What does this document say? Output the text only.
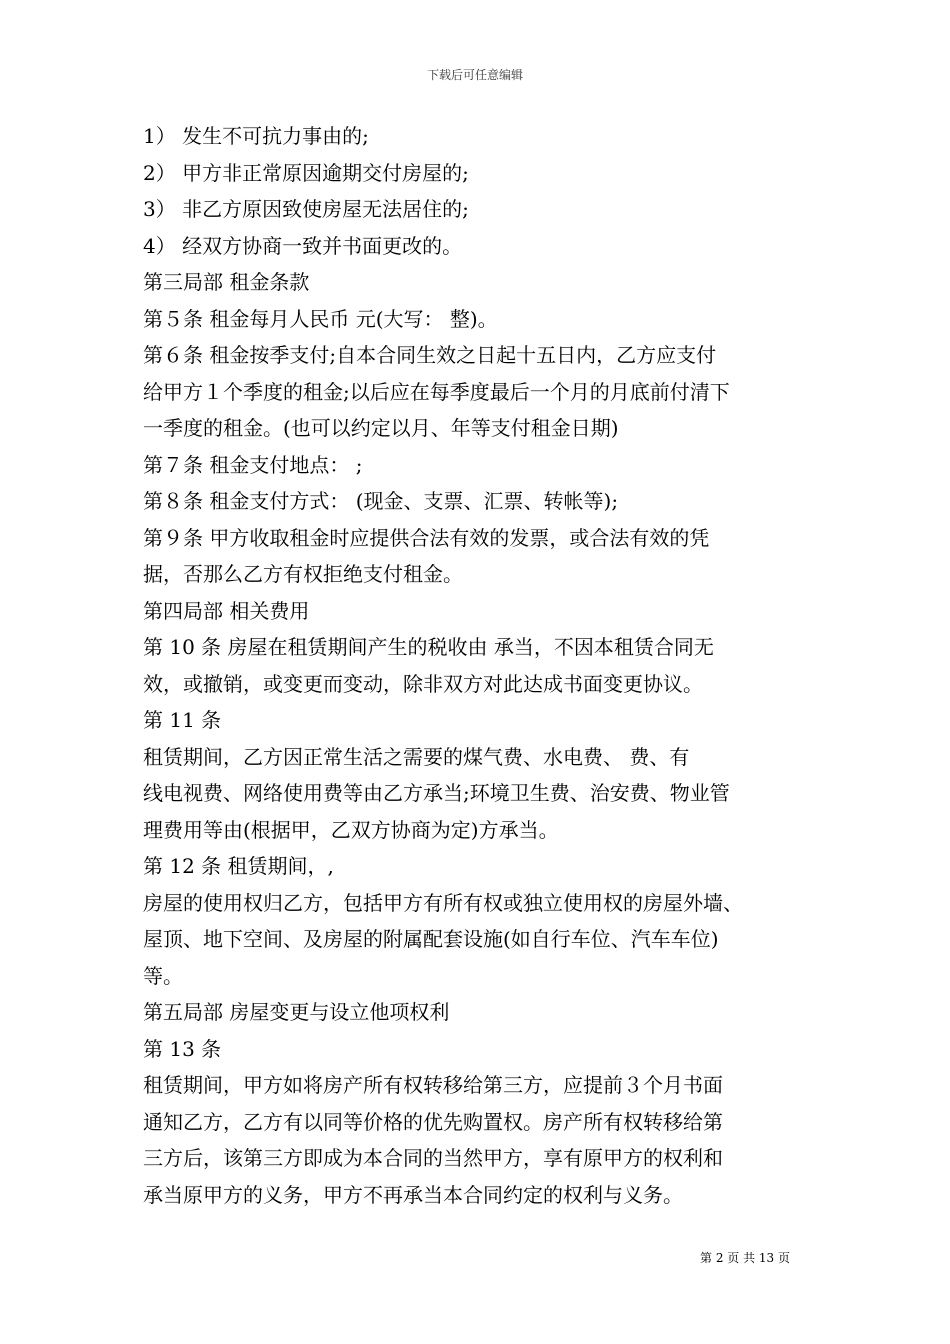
下载后可任意编辑
1） 发生不可抗力事由的;
2） 甲方非正常原因逾期交付房屋的;
3） 非乙方原因致使房屋无法居住的;
4） 经双方协商一致并书面更改的。
第三局部 租金条款
第５条 租金每月人民币 元(大写： 整)。
第６条 租金按季支付;自本合同生效之日起十五日内，乙方应支付
给甲方１个季度的租金;以后应在每季度最后一个月的月底前付清下
一季度的租金。(也可以约定以月、年等支付租金日期)
第７条 租金支付地点： ;
第８条 租金支付方式： (现金、支票、汇票、转帐等);
第９条 甲方收取租金时应提供合法有效的发票，或合法有效的凭
据，否那么乙方有权拒绝支付租金。
第四局部 相关费用
第 10 条 房屋在租赁期间产生的税收由 承当，不因本租赁合同无
效，或撤销，或变更而变动，除非双方对此达成书面变更协议。
第 11 条
租赁期间，乙方因正常生活之需要的煤气费、水电费、 费、有
线电视费、网络使用费等由乙方承当;环境卫生费、治安费、物业管
理费用等由(根据甲，乙双方协商为定)方承当。
第 12 条 租赁期间，,
房屋的使用权归乙方，包括甲方有所有权或独立使用权的房屋外墙、
屋顶、地下空间、及房屋的附属配套设施(如自行车位、汽车车位)
等。
第五局部 房屋变更与设立他项权利
第 13 条
租赁期间，甲方如将房产所有权转移给第三方，应提前３个月书面
通知乙方，乙方有以同等价格的优先购置权。房产所有权转移给第
三方后，该第三方即成为本合同的当然甲方，享有原甲方的权利和
承当原甲方的义务，甲方不再承当本合同约定的权利与义务。
第 2 页 共 13 页
